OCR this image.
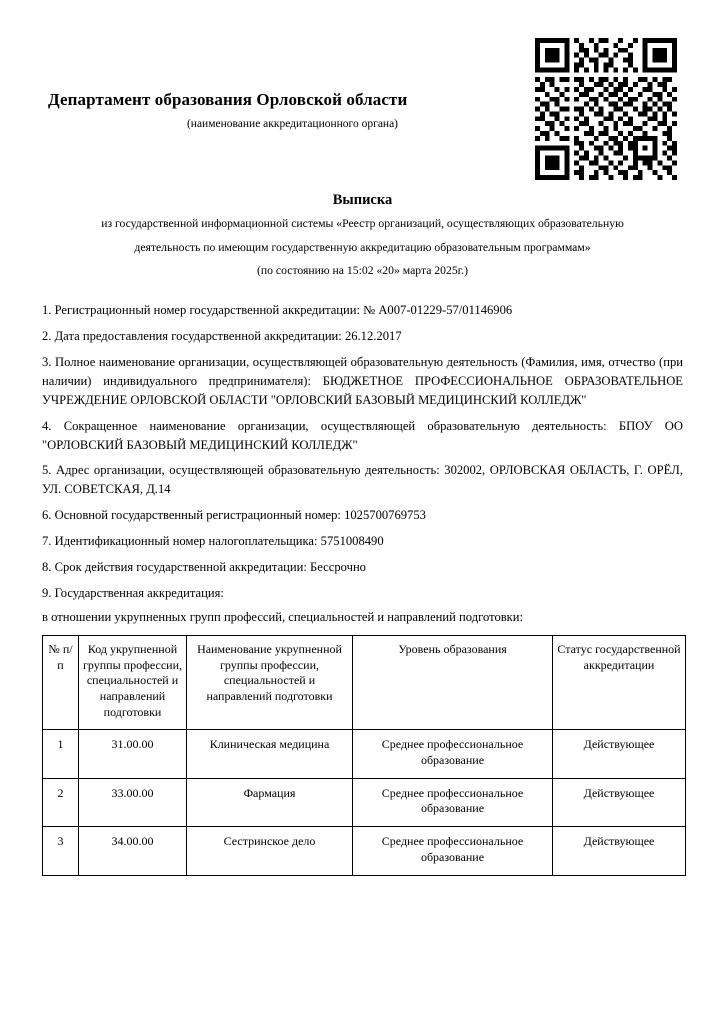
Департамент образования Орловской области
(наименование аккредитационного органа)
Выписка
из государственной информационной системы «Реестр организаций, осуществляющих образовательную
деятельность по имеющим государственную аккредитацию образовательным программам»
(по состоянию на 15:02 «20» марта 2025г.)
1. Регистрационный номер государственной аккредитации: № А007-01229-57/01146906
2. Дата предоставления государственной аккредитации: 26.12.2017
3. Полное наименование организации, осуществляющей образовательную деятельность (Фамилия, имя, отчество (при наличии) индивидуального предпринимателя): БЮДЖЕТНОЕ ПРОФЕССИОНАЛЬНОЕ ОБРАЗОВАТЕЛЬНОЕ УЧРЕЖДЕНИЕ ОРЛОВСКОЙ ОБЛАСТИ "ОРЛОВСКИЙ БАЗОВЫЙ МЕДИЦИНСКИЙ КОЛЛЕДЖ"
4. Сокращенное наименование организации, осуществляющей образовательную деятельность: БПОУ ОО "ОРЛОВСКИЙ БАЗОВЫЙ МЕДИЦИНСКИЙ КОЛЛЕДЖ"
5. Адрес организации, осуществляющей образовательную деятельность: 302002, ОРЛОВСКАЯ ОБЛАСТЬ, Г. ОРЁЛ, УЛ. СОВЕТСКАЯ, Д.14
6. Основной государственный регистрационный номер: 1025700769753
7. Идентификационный номер налогоплательщика: 5751008490
8. Срок действия государственной аккредитации: Бессрочно
9. Государственная аккредитация:
в отношении укрупненных групп профессий, специальностей и направлений подготовки:
№ п/п	Код укрупненной группы профессии, специальностей и направлений подготовки	Наименование укрупненной группы профессии, специальностей и направлений подготовки	Уровень образования	Статус государственной аккредитации
1	31.00.00	Клиническая медицина	Среднее профессиональное образование	Действующее
2	33.00.00	Фармация	Среднее профессиональное образование	Действующее
3	34.00.00	Сестринское дело	Среднее профессиональное образование	Действующее
